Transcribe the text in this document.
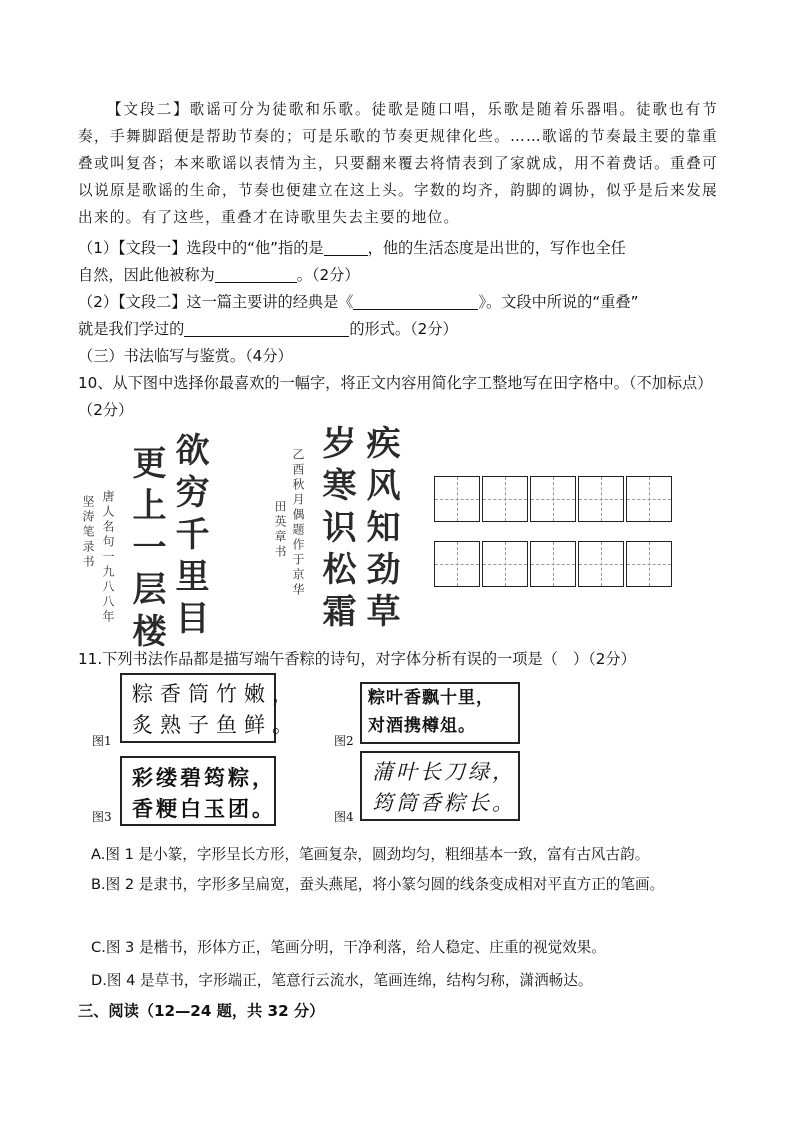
【文段二】歌谣可分为徒歌和乐歌。徒歌是随口唱，乐歌是随着乐器唱。徒歌也有节奏，手舞脚蹈便是帮助节奏的；可是乐歌的节奏更规律化些。……歌谣的节奏最主要的靠重叠或叫复沓；本来歌谣以表情为主，只要翻来覆去将情表到了家就成，用不着费话。重叠可以说原是歌谣的生命，节奏也便建立在这上头。字数的均齐，韵脚的调协，似乎是后来发展出来的。有了这些，重叠才在诗歌里失去主要的地位。
（1）【文段一】选段中的“他”指的是	，他的生活态度是出世的，写作也全任
自然，因此他被称为	。（2分）
（2）【文段二】这一篇主要讲的经典是《	》。文段中所说的“重叠”
就是我们学过的	的形式。（2分）
（三）书法临写与鉴赏。（4分）
10、从下图中选择你最喜欢的一幅字，将正文内容用简化字工整地写在田字格中。（不加标点）（2分）
欲穷千里目
更上一层楼
唐人名句一九八八年
坚涛笔录书	疾风知劲草
岁寒识松霜
乙酉秋月偶题作于京华
田英章书
11.下列书法作品都是描写端午香粽的诗句，对字体分析有误的一项是（　）（2分）
粽香筒竹嫩，
炙熟子鱼鲜。
图1
粽叶香飘十里，
对酒携樽俎。
图2
彩缕碧筠粽，
香粳白玉团。
图3
蒲叶长刀绿，
筠筒香粽长。
图4
A.图 1 是小篆，字形呈长方形，笔画复杂，圆劲均匀，粗细基本一致，富有古风古韵。
B.图 2 是隶书，字形多呈扁宽，蚕头燕尾，将小篆匀圆的线条变成相对平直方正的笔画。
C.图 3 是楷书，形体方正，笔画分明，干净利落，给人稳定、庄重的视觉效果。
D.图 4 是草书，字形端正，笔意行云流水，笔画连绵，结构匀称，潇洒畅达。
三、阅读（12—24 题，共 32 分）
